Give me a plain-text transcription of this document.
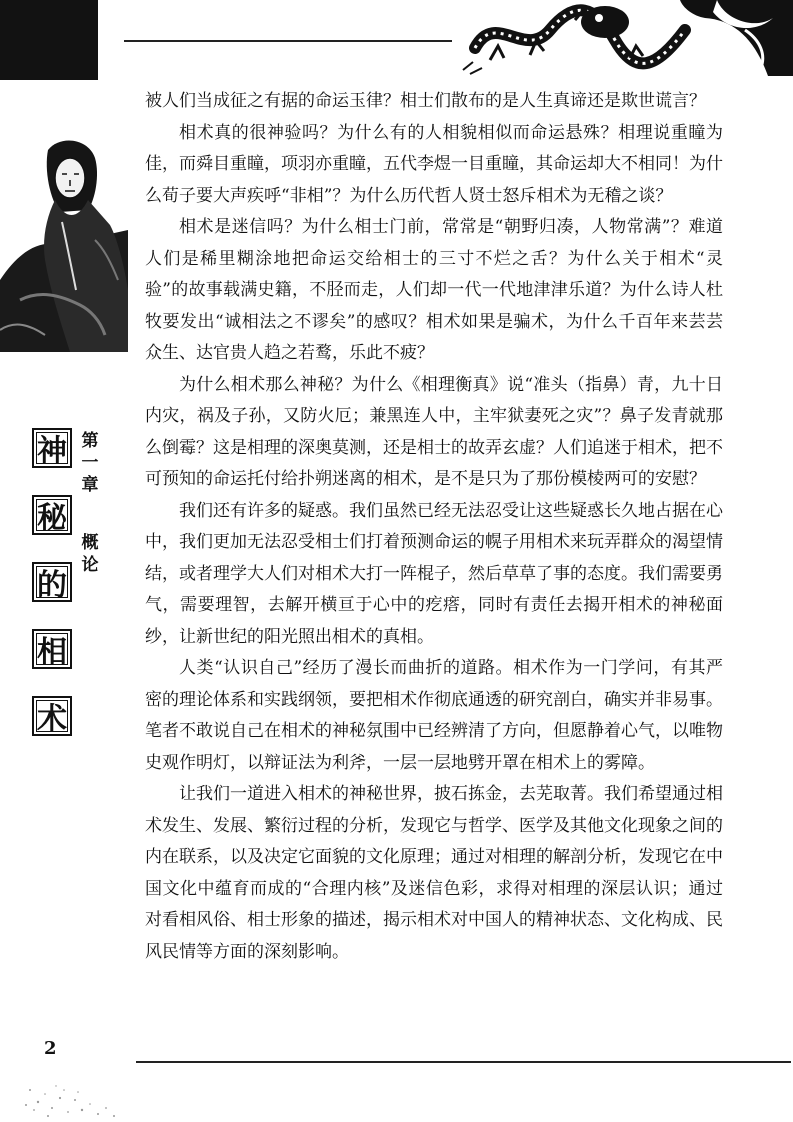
神
秘
的
相
术
第
一
章
概
论

被人们当成征之有据的命运玉律？相士们散布的是人生真谛还是欺世谎言？

相术真的很神验吗？为什么有的人相貌相似而命运悬殊？相理说重瞳为佳，而舜目重瞳，项羽亦重瞳，五代李煜一目重瞳，其命运却大不相同！为什么荀子要大声疾呼“非相”？为什么历代哲人贤士怒斥相术为无稽之谈？

相术是迷信吗？为什么相士门前，常常是“朝野归凑，人物常满”？难道人们是稀里糊涂地把命运交给相士的三寸不烂之舌？为什么关于相术“灵验”的故事载满史籍，不胫而走，人们却一代一代地津津乐道？为什么诗人杜牧要发出“诚相法之不谬矣”的感叹？相术如果是骗术，为什么千百年来芸芸众生、达官贵人趋之若鹜，乐此不疲？

为什么相术那么神秘？为什么《相理衡真》说“准头（指鼻）青，九十日内灾，祸及子孙，又防火厄；兼黑连人中，主牢狱妻死之灾”？鼻子发青就那么倒霉？这是相理的深奥莫测，还是相士的故弄玄虚？人们追迷于相术，把不可预知的命运托付给扑朔迷离的相术，是不是只为了那份模棱两可的安慰？

我们还有许多的疑惑。我们虽然已经无法忍受让这些疑惑长久地占据在心中，我们更加无法忍受相士们打着预测命运的幌子用相术来玩弄群众的渴望情结，或者理学大人们对相术大打一阵棍子，然后草草了事的态度。我们需要勇气，需要理智，去解开横亘于心中的疙瘩，同时有责任去揭开相术的神秘面纱，让新世纪的阳光照出相术的真相。

人类“认识自己”经历了漫长而曲折的道路。相术作为一门学问，有其严密的理论体系和实践纲领，要把相术作彻底通透的研究剖白，确实并非易事。笔者不敢说自己在相术的神秘氛围中已经辨清了方向，但愿静着心气，以唯物史观作明灯，以辩证法为利斧，一层一层地劈开罩在相术上的雾障。

让我们一道进入相术的神秘世界，披石拣金，去芜取菁。我们希望通过相术发生、发展、繁衍过程的分析，发现它与哲学、医学及其他文化现象之间的内在联系，以及决定它面貌的文化原理；通过对相理的解剖分析，发现它在中国文化中蕴育而成的“合理内核”及迷信色彩，求得对相理的深层认识；通过对看相风俗、相士形象的描述，揭示相术对中国人的精神状态、文化构成、民风民情等方面的深刻影响。

2
